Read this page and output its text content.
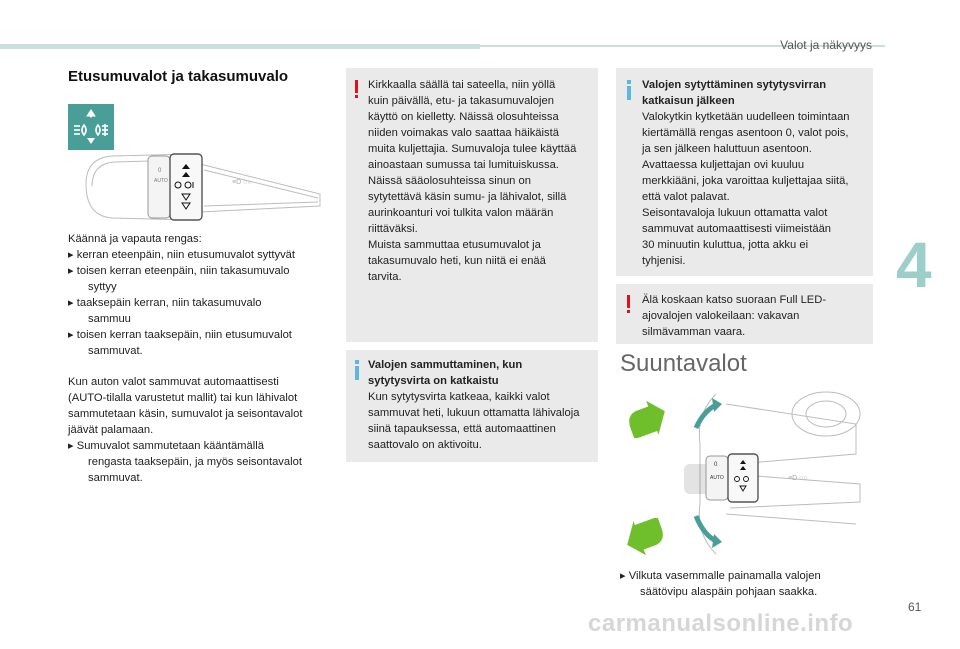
Valot ja näkyvyys
4
Etusumuvalot ja takasumuvalo
AUTO
0
≡D ○○
Käännä ja vapauta rengas:
▸ kerran eteenpäin, niin etusumuvalot syttyvät
▸ toisen kerran eteenpäin, niin takasumuvalo
syttyy
▸ taaksepäin kerran, niin takasumuvalo
sammuu
▸ toisen kerran taaksepäin, niin etusumuvalot
sammuvat.
Kun auton valot sammuvat automaattisesti
(AUTO-tilalla varustetut mallit) tai kun lähivalot
sammutetaan käsin, sumuvalot ja seisontavalot
jäävät palamaan.
▸ Sumuvalot sammutetaan kääntämällä
rengasta taaksepäin, ja myös seisontavalot
sammuvat.
Kirkkaalla säällä tai sateella, niin yöllä
kuin päivällä, etu- ja takasumuvalojen
käyttö on kielletty. Näissä olosuhteissa
niiden voimakas valo saattaa häikäistä
muita kuljettajia. Sumuvaloja tulee käyttää
ainoastaan sumussa tai lumituiskussa.
Näissä sääolosuhteissa sinun on
sytytettävä käsin sumu- ja lähivalot, sillä
aurinkoanturi voi tulkita valon määrän
riittäväksi.
Muista sammuttaa etusumuvalot ja
takasumuvalo heti, kun niitä ei enää
tarvita.
Valojen sammuttaminen, kun
sytytysvirta on katkaistu
Kun sytytysvirta katkeaa, kaikki valot
sammuvat heti, lukuun ottamatta lähivaloja
siinä tapauksessa, että automaattinen
saattovalo on aktivoitu.
Valojen sytyttäminen sytytysvirran
katkaisun jälkeen
Valokytkin kytketään uudelleen toimintaan
kiertämällä rengas asentoon 0, valot pois,
ja sen jälkeen haluttuun asentoon.
Avattaessa kuljettajan ovi kuuluu
merkkiääni, joka varoittaa kuljettajaa siitä,
että valot palavat.
Seisontavaloja lukuun ottamatta valot
sammuvat automaattisesti viimeistään
30 minuutin kuluttua, jotta akku ei
tyhjenisi.
Älä koskaan katso suoraan Full LED-
ajovalojen valokeilaan: vakavan
silmävamman vaara.
Suuntavalot
AUTO
0
≡D ○○
▸ Vilkuta vasemmalle painamalla valojen
säätövipu alaspäin pohjaan saakka.
61
carmanualsonline.info
